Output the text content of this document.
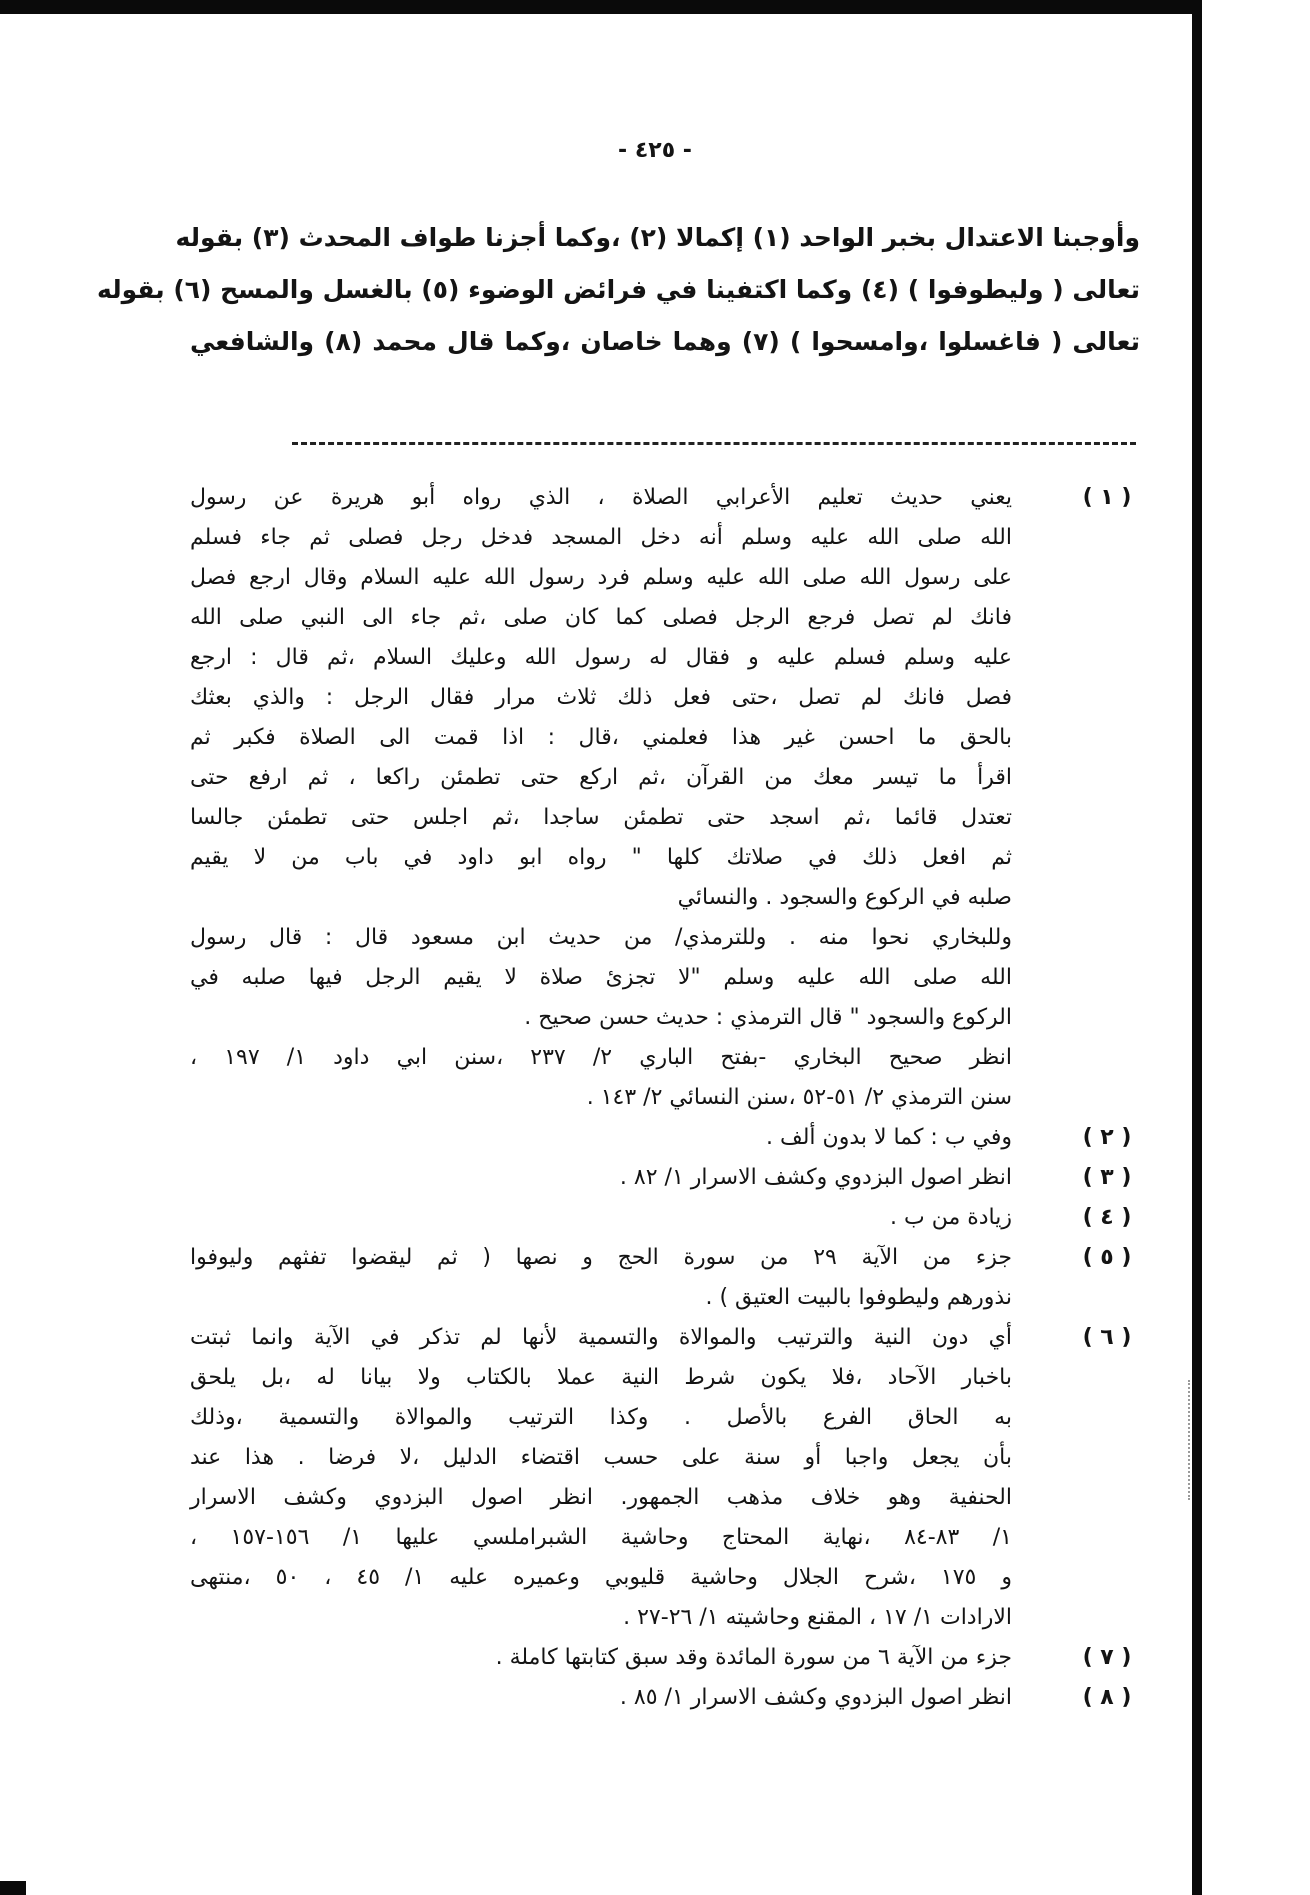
- ٤٢٥ -
وأوجبنا الاعتدال بخبر الواحد (١) إكمالا (٢) ،وكما أجزنا طواف المحدث (٣) بقوله
تعالى ( وليطوفوا ) (٤) وكما اكتفينا في فرائض الوضوء (٥) بالغسل والمسح (٦) بقوله
تعالى ( فاغسلوا ،وامسحوا ) (٧) وهما خاصان ،وكما قال محمد (٨) والشافعي
( ١ )
يعني حديث تعليم الأعرابي الصلاة ، الذي رواه أبو هريرة عن رسول
الله صلى الله عليه وسلم أنه دخل المسجد فدخل رجل فصلى ثم جاء فسلم
على رسول الله صلى الله عليه وسلم فرد رسول الله عليه السلام وقال ارجع فصل
فانك لم تصل فرجع الرجل فصلى كما كان صلى ،ثم جاء الى النبي صلى الله
عليه وسلم فسلم عليه و فقال له رسول الله وعليك السلام ،ثم قال : ارجع
فصل فانك لم تصل ،حتى فعل ذلك ثلاث مرار فقال الرجل : والذي بعثك
بالحق ما احسن غير هذا فعلمني ،قال : اذا قمت الى الصلاة فكبر ثم
اقرأ ما تيسر معك من القرآن ،ثم اركع حتى تطمئن راكعا ، ثم ارفع حتى
تعتدل قائما ،ثم اسجد حتى تطمئن ساجدا ،ثم اجلس حتى تطمئن جالسا
ثم افعل ذلك في صلاتك كلها " رواه ابو داود في باب من لا يقيم
صلبه في الركوع والسجود . والنسائي
وللبخاري نحوا منه . وللترمذي/ من حديث ابن مسعود قال : قال رسول
الله صلى الله عليه وسلم "لا تجزئ صلاة لا يقيم الرجل فيها صلبه في
الركوع والسجود " قال الترمذي : حديث حسن صحيح .
انظر صحيح البخاري -بفتح الباري ٢/ ٢٣٧ ،سنن ابي داود ١/ ١٩٧ ،
سنن الترمذي ٢/ ٥١-٥٢ ،سنن النسائي ٢/ ١٤٣ .
( ٢ )
وفي ب : كما لا بدون ألف .
( ٣ )
انظر اصول البزدوي وكشف الاسرار ١/ ٨٢ .
( ٤ )
زيادة من ب .
( ٥ )
جزء من الآية ٢٩ من سورة الحج و نصها ( ثم ليقضوا تفثهم وليوفوا
نذورهم وليطوفوا بالبيت العتيق ) .
( ٦ )
أي دون النية والترتيب والموالاة والتسمية لأنها لم تذكر في الآية وانما ثبتت
باخبار الآحاد ،فلا يكون شرط النية عملا بالكتاب ولا بيانا له ،بل يلحق
به الحاق الفرع بالأصل . وكذا الترتيب والموالاة والتسمية ،وذلك
بأن يجعل واجبا أو سنة على حسب اقتضاء الدليل ،لا فرضا . هذا عند
الحنفية وهو خلاف مذهب الجمهور. انظر اصول البزدوي وكشف الاسرار
١/ ٨٣-٨٤ ،نهاية المحتاج وحاشية الشبراملسي عليها ١/ ١٥٦-١٥٧ ،
و ١٧٥ ،شرح الجلال وحاشية قليوبي وعميره عليه ١/ ٤٥ ، ٥٠ ،منتهى
الارادات ١/ ١٧ ، المقنع وحاشيته ١/ ٢٦-٢٧ .
( ٧ )
جزء من الآية ٦ من سورة المائدة وقد سبق كتابتها كاملة .
( ٨ )
انظر اصول البزدوي وكشف الاسرار ١/ ٨٥ .
